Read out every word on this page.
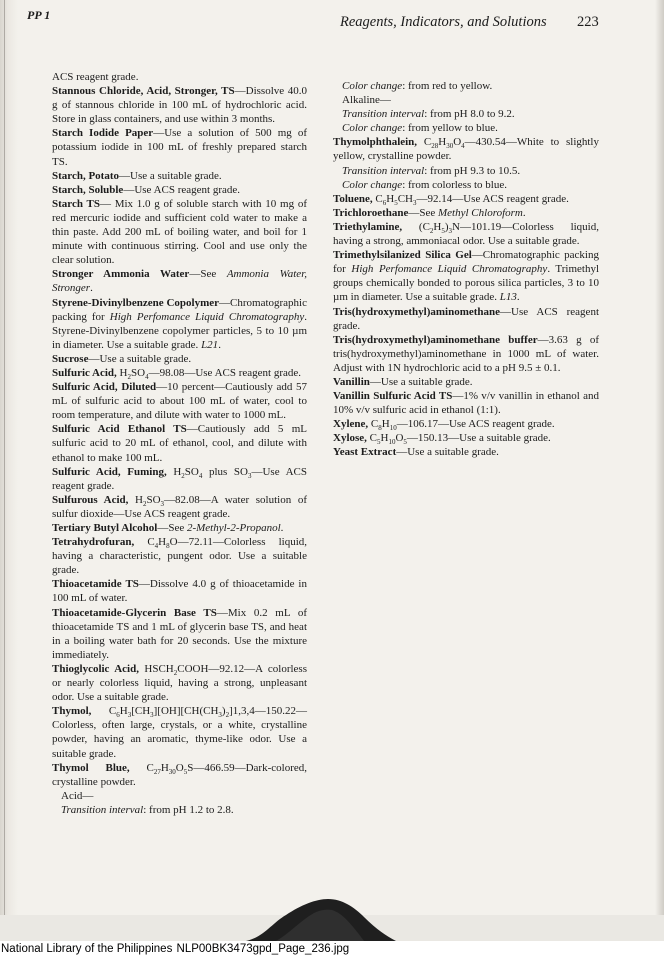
PP 1	Reagents, Indicators, and Solutions 223

ACS reagent grade.

Stannous Chloride, Acid, Stronger, TS—Dissolve 40.0 g of stannous chloride in 100 mL of hydrochloric acid. Store in glass containers, and use within 3 months.

Starch Iodide Paper—Use a solution of 500 mg of potassium iodide in 100 mL of freshly prepared starch TS.

Starch, Potato—Use a suitable grade.

Starch, Soluble—Use ACS reagent grade.

Starch TS— Mix 1.0 g of soluble starch with 10 mg of red mercuric iodide and sufficient cold water to make a thin paste. Add 200 mL of boiling water, and boil for 1 minute with continuous stirring. Cool and use only the clear solution.

Stronger Ammonia Water—See Ammonia Water, Stronger.

Styrene-Divinylbenzene Copolymer—Chromatographic packing for High Perfomance Liquid Chromatography. Styrene-Divinylbenzene copolymer particles, 5 to 10 µm in diameter. Use a suitable grade. L21.

Sucrose—Use a suitable grade.

Sulfuric Acid, $H_2SO_4—98.08—Use$ ACS reagent grade.

Sulfuric Acid, Diluted—10 percent—Cautiously add 57 mL of sulfuric acid to about 100 mL of water, cool to room temperature, and dilute with water to 1000 mL.

Sulfuric Acid Ethanol TS—Cautiously add 5 mL sulfuric acid to 20 mL of ethanol, cool, and dilute with ethanol to make 100 mL.

Sulfuric Acid, Fuming, $H_2SO_4$ plus $SO_3—Use$ ACS reagent grade.

Sulfurous Acid, $H_2SO_3—82.08—A$ water solution of sulfur dioxide—Use ACS reagent grade.

Tertiary Butyl Alcohol—See 2-Methyl-2-Propanol.

Tetrahydrofuran, $C_4H_8O—72.11—Colorless$ liquid, having a characteristic, pungent odor. Use a suitable grade.

Thioacetamide TS—Dissolve 4.0 g of thioacetamide in 100 mL of water.

Thioacetamide-Glycerin Base TS—Mix 0.2 mL of thioacetamide TS and 1 mL of glycerin base TS, and heat in a boiling water bath for 20 seconds. Use the mixture immediately.

Thioglycolic Acid, $HSCH_2COOH—92.12—A$ colorless or nearly colorless liquid, having a strong, unpleasant odor. Use a suitable grade.

Thymol, $C_6H_3[CH_3][OH][CH(CH_3)_2]1,3,4—150.22—Colorless$, often large, crystals, or a white, crystalline powder, having an aromatic, thyme-like odor. Use a suitable grade.

Thymol Blue, $C_{27}H_{30}O_5S—466.59—Dark$-colored, crystalline powder.

Acid—

Transition interval: from pH 1.2 to 2.8.

Color change: from red to yellow.

Alkaline—

Transition interval: from pH 8.0 to 9.2.

Color change: from yellow to blue.

Thymolphthalein, $C_{28}H_{30}O_4—430.54—White$ to slightly yellow, crystalline powder.

Transition interval: from pH 9.3 to 10.5.

Color change: from colorless to blue.

Toluene, $C_6H_5CH_3—92.14—Use$ ACS reagent grade.

Trichloroethane—See Methyl Chloroform.

Triethylamine, $(C_2H_5)_3N—101.19—Colorless$ liquid, having a strong, ammoniacal odor. Use a suitable grade.

Trimethylsilanized Silica Gel—Chromatographic packing for High Perfomance Liquid Chromatography. Trimethyl groups chemically bonded to porous silica particles, 3 to 10 µm in diameter. Use a suitable grade. L13.

Tris(hydroxymethyl)aminomethane—Use ACS reagent grade.

Tris(hydroxymethyl)aminomethane buffer—3.63 g of tris(hydroxymethyl)aminomethane in 1000 mL of water. Adjust with 1N hydrochloric acid to a pH 9.5 ± 0.1.

Vanillin—Use a suitable grade.

Vanillin Sulfuric Acid TS—1% v/v vanillin in ethanol and 10% v/v sulfuric acid in ethanol (1:1).

Xylene, $C_8H_{10}—106.17—Use$ ACS reagent grade.

Xylose, $C_5H_{10}O_5—150.13—Use$ a suitable grade.

Yeast Extract—Use a suitable grade.

National Library of the Philippines NLP00BK3473gpd_Page_236.jpg
